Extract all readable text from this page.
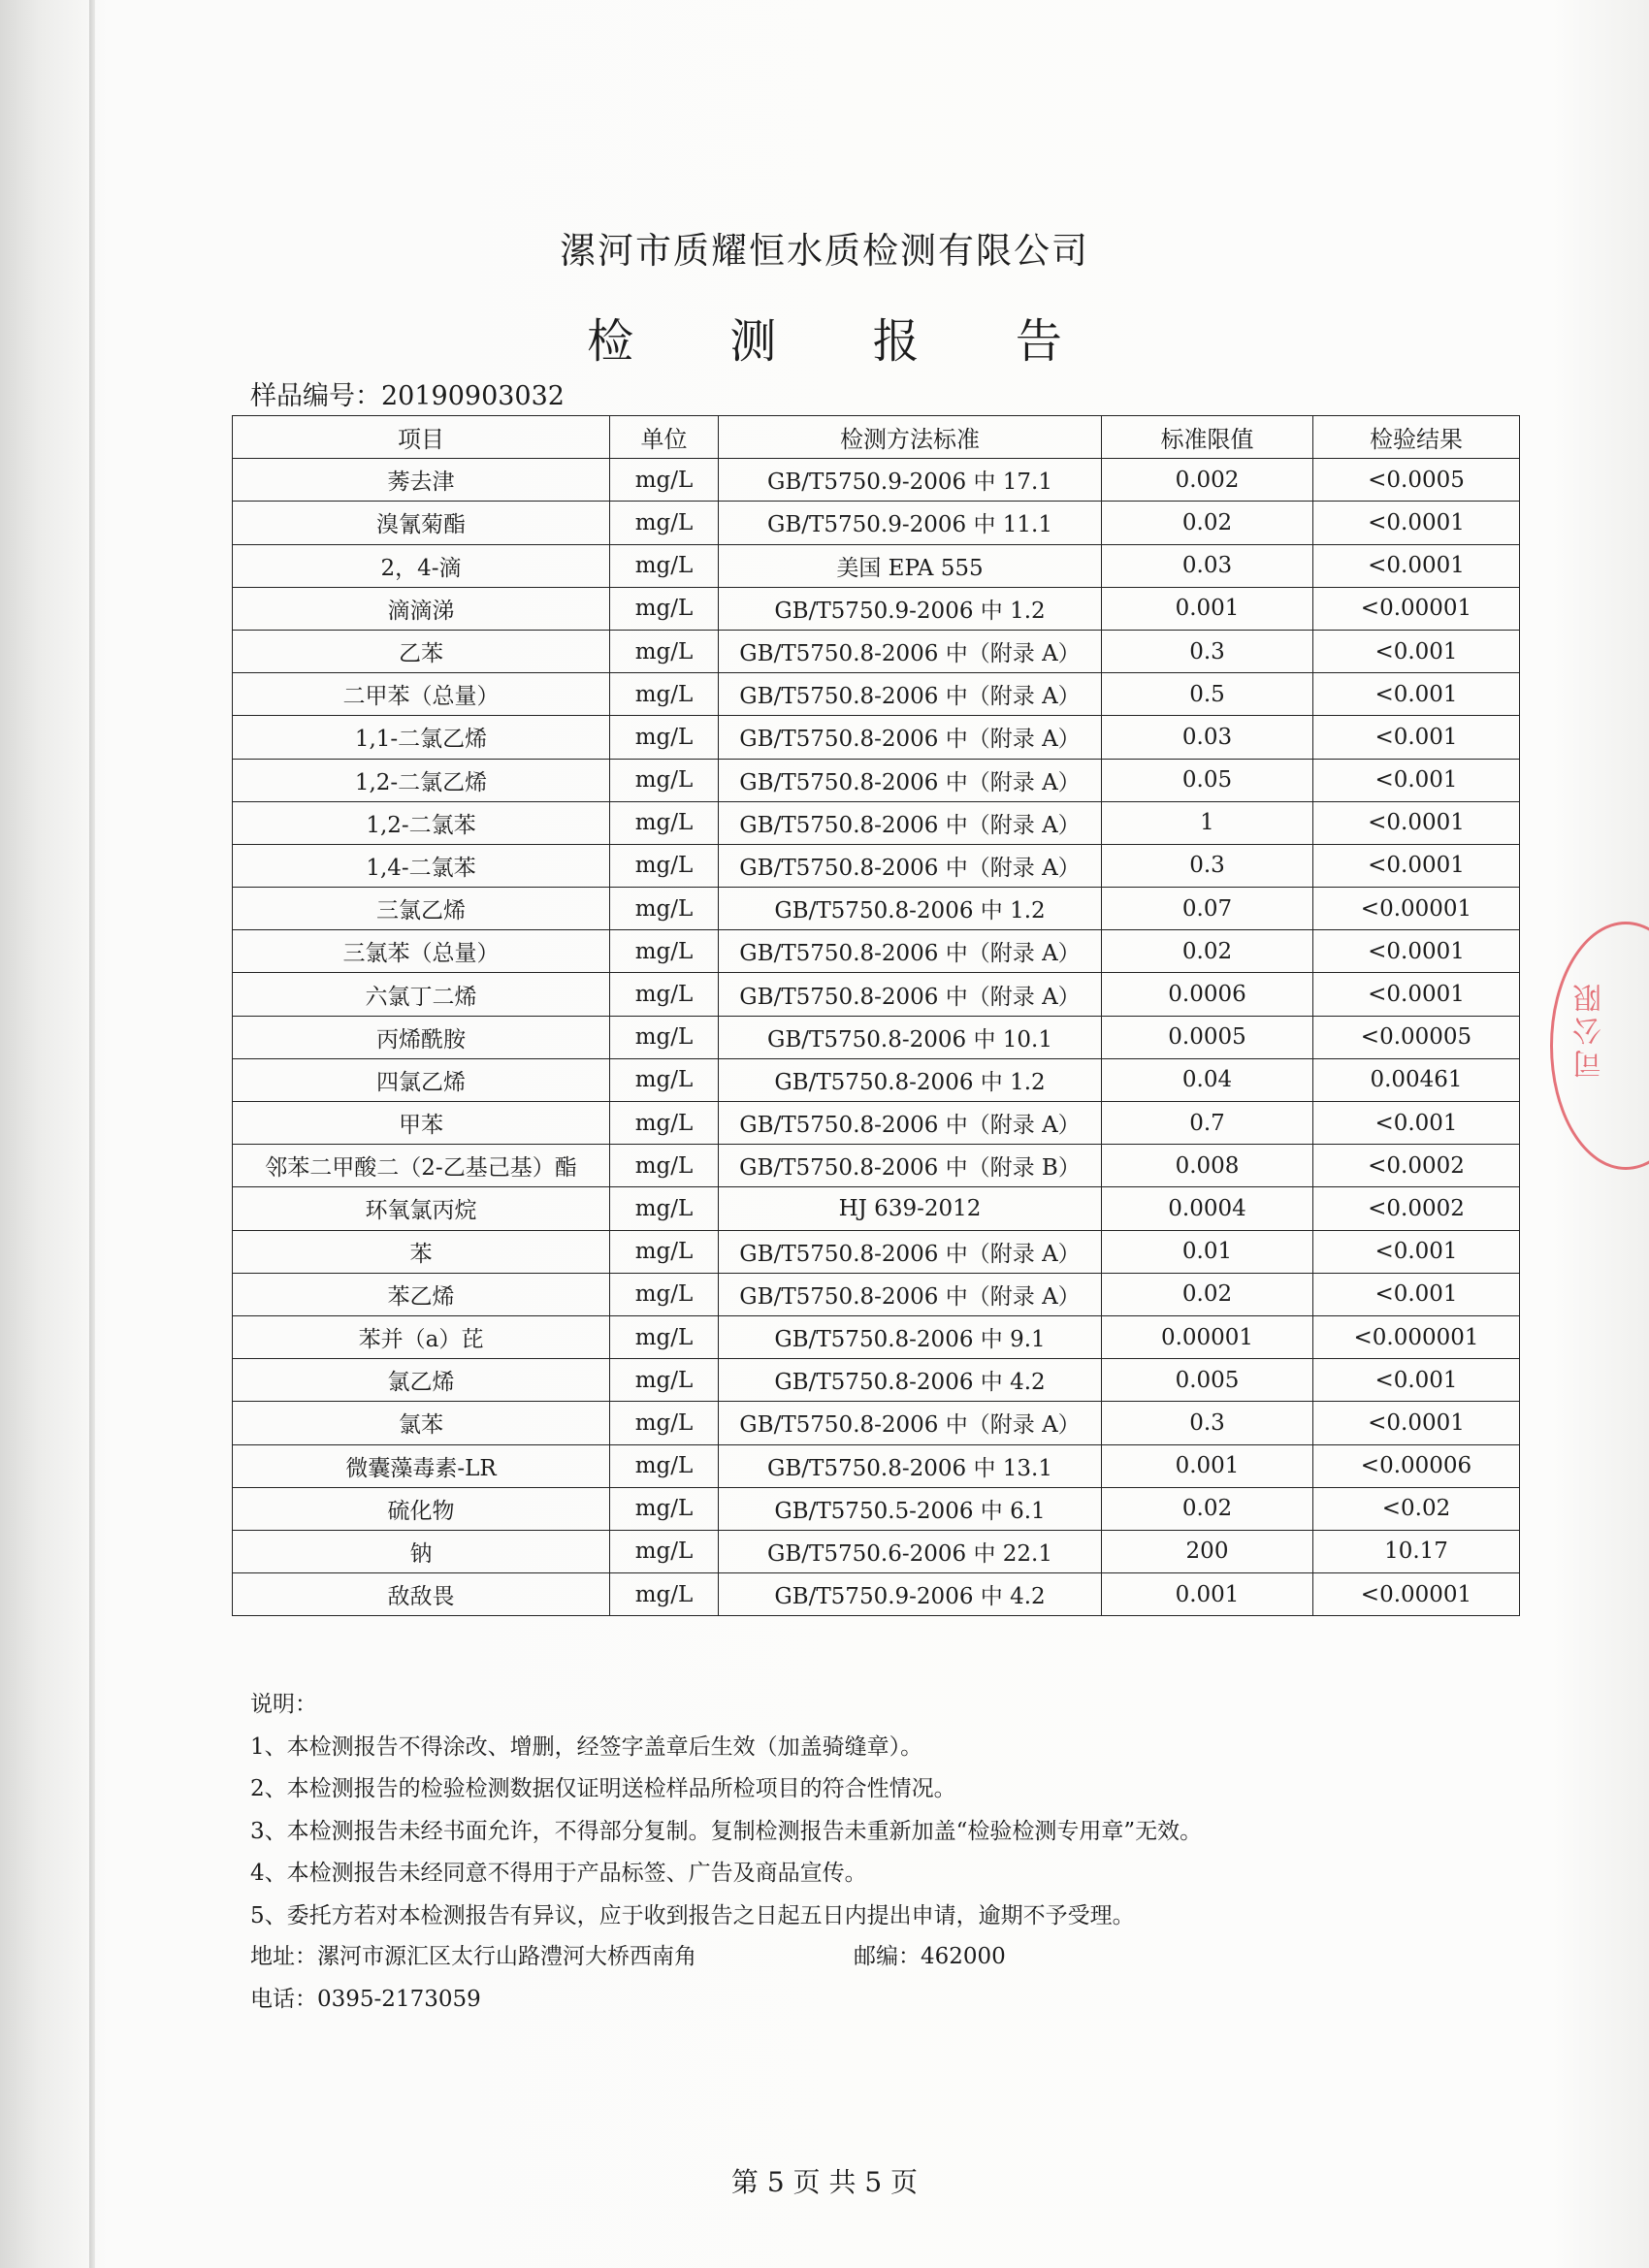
漯河市质耀恒水质检测有限公司
检 测 报 告
样品编号：20190903032
项目	单位	检测方法标准	标准限值	检验结果
莠去津	mg/L	GB/T5750.9-2006 中 17.1	0.002	<0.0005
溴氰菊酯	mg/L	GB/T5750.9-2006 中 11.1	0.02	<0.0001
2，4-滴	mg/L	美国 EPA 555	0.03	<0.0001
滴滴涕	mg/L	GB/T5750.9-2006 中 1.2	0.001	<0.00001
乙苯	mg/L	GB/T5750.8-2006 中（附录 A）	0.3	<0.001
二甲苯（总量）	mg/L	GB/T5750.8-2006 中（附录 A）	0.5	<0.001
1,1-二氯乙烯	mg/L	GB/T5750.8-2006 中（附录 A）	0.03	<0.001
1,2-二氯乙烯	mg/L	GB/T5750.8-2006 中（附录 A）	0.05	<0.001
1,2-二氯苯	mg/L	GB/T5750.8-2006 中（附录 A）	1	<0.0001
1,4-二氯苯	mg/L	GB/T5750.8-2006 中（附录 A）	0.3	<0.0001
三氯乙烯	mg/L	GB/T5750.8-2006 中 1.2	0.07	<0.00001
三氯苯（总量）	mg/L	GB/T5750.8-2006 中（附录 A）	0.02	<0.0001
六氯丁二烯	mg/L	GB/T5750.8-2006 中（附录 A）	0.0006	<0.0001
丙烯酰胺	mg/L	GB/T5750.8-2006 中 10.1	0.0005	<0.00005
四氯乙烯	mg/L	GB/T5750.8-2006 中 1.2	0.04	0.00461
甲苯	mg/L	GB/T5750.8-2006 中（附录 A）	0.7	<0.001
邻苯二甲酸二（2-乙基己基）酯	mg/L	GB/T5750.8-2006 中（附录 B）	0.008	<0.0002
环氧氯丙烷	mg/L	HJ 639-2012	0.0004	<0.0002
苯	mg/L	GB/T5750.8-2006 中（附录 A）	0.01	<0.001
苯乙烯	mg/L	GB/T5750.8-2006 中（附录 A）	0.02	<0.001
苯并（a）芘	mg/L	GB/T5750.8-2006 中 9.1	0.00001	<0.000001
氯乙烯	mg/L	GB/T5750.8-2006 中 4.2	0.005	<0.001
氯苯	mg/L	GB/T5750.8-2006 中（附录 A）	0.3	<0.0001
微囊藻毒素-LR	mg/L	GB/T5750.8-2006 中 13.1	0.001	<0.00006
硫化物	mg/L	GB/T5750.5-2006 中 6.1	0.02	<0.02
钠	mg/L	GB/T5750.6-2006 中 22.1	200	10.17
敌敌畏	mg/L	GB/T5750.9-2006 中 4.2	0.001	<0.00001
说明：
1、本检测报告不得涂改、增删，经签字盖章后生效（加盖骑缝章）。
2、本检测报告的检验检测数据仅证明送检样品所检项目的符合性情况。
3、本检测报告未经书面允许，不得部分复制。复制检测报告未重新加盖“检验检测专用章”无效。
4、本检测报告未经同意不得用于产品标签、广告及商品宣传。
5、委托方若对本检测报告有异议，应于收到报告之日起五日内提出申请，逾期不予受理。
地址：漯河市源汇区太行山路澧河大桥西南角	邮编：462000
电话：0395-2173059
第 5 页 共 5 页
司公限
